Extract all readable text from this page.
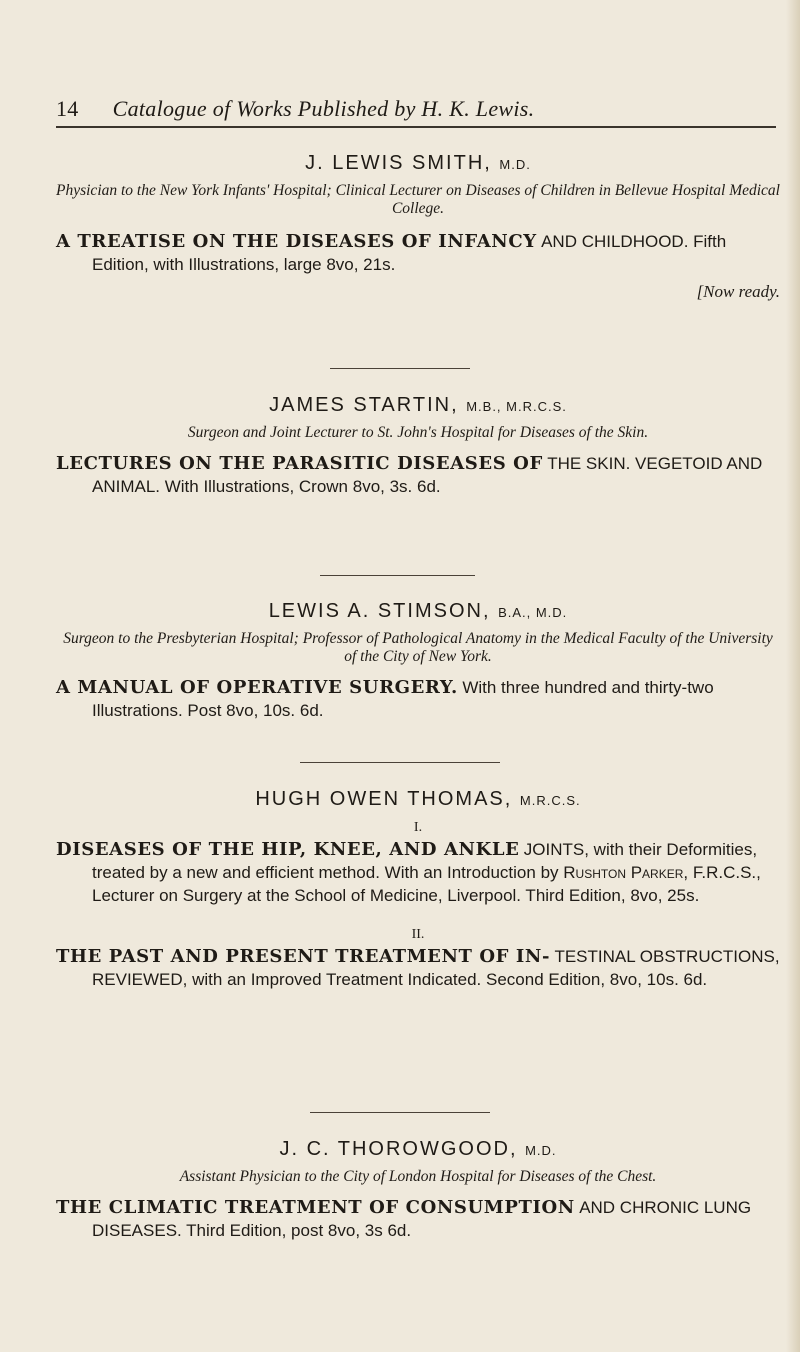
14 Catalogue of Works Published by H. K. Lewis.
J. LEWIS SMITH, M.D.
Physician to the New York Infants' Hospital; Clinical Lecturer on Diseases of Children in Bellevue Hospital Medical College.
A TREATISE ON THE DISEASES OF INFANCY AND CHILDHOOD. Fifth Edition, with Illustrations, large 8vo, 21s.
[Now ready.
JAMES STARTIN, M.B., M.R.C.S.
Surgeon and Joint Lecturer to St. John's Hospital for Diseases of the Skin.
LECTURES ON THE PARASITIC DISEASES OF THE SKIN. VEGETOID AND ANIMAL. With Illustrations, Crown 8vo, 3s. 6d.
LEWIS A. STIMSON, B.A., M.D.
Surgeon to the Presbyterian Hospital; Professor of Pathological Anatomy in the Medical Faculty of the University of the City of New York.
A MANUAL OF OPERATIVE SURGERY. With three hundred and thirty-two Illustrations. Post 8vo, 10s. 6d.
HUGH OWEN THOMAS, M.R.C.S.
I.
DISEASES OF THE HIP, KNEE, AND ANKLE JOINTS, with their Deformities, treated by a new and efficient method. With an Introduction by Rushton Parker, F.R.C.S., Lecturer on Surgery at the School of Medicine, Liverpool. Third Edition, 8vo, 25s.
II.
THE PAST AND PRESENT TREATMENT OF IN- TESTINAL OBSTRUCTIONS, REVIEWED, with an Improved Treatment Indicated. Second Edition, 8vo, 10s. 6d.
J. C. THOROWGOOD, M.D.
Assistant Physician to the City of London Hospital for Diseases of the Chest.
THE CLIMATIC TREATMENT OF CONSUMPTION AND CHRONIC LUNG DISEASES. Third Edition, post 8vo, 3s 6d.
